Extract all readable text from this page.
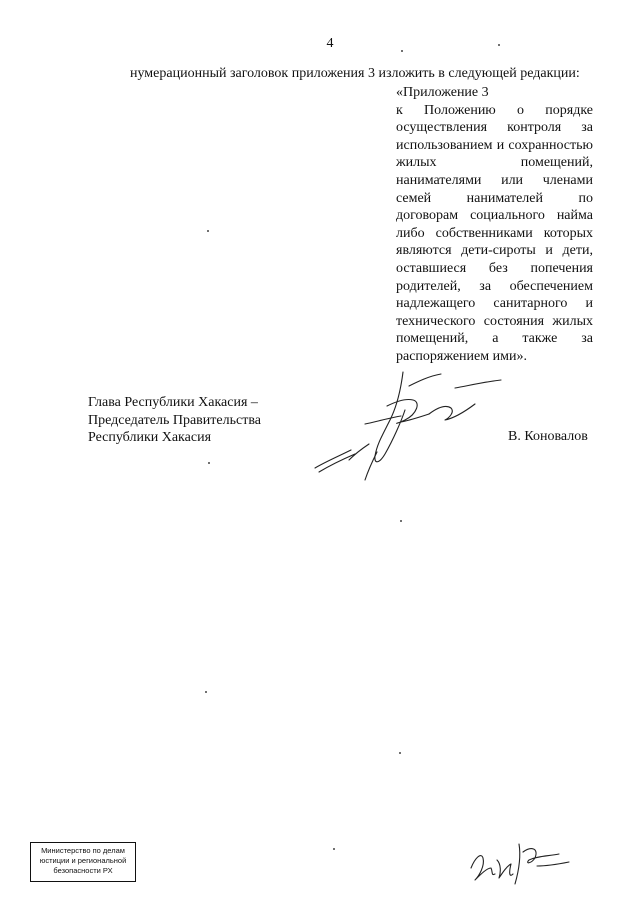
4
нумерационный заголовок приложения 3 изложить в следующей редакции:

«Приложение 3

к Положению о порядке осуществления контроля за использованием и сохранностью жилых помещений, нанимателями или членами семей нанимателей по договорам социального найма либо собственниками которых являются дети-сироты и дети, оставшиеся без попечения родителей, за обеспечением надлежащего санитарного и технического состояния жилых помещений, а также за распоряжением ими».

Глава Республики Хакасия –
Председатель Правительства
Республики Хакасия	В. Коновалов
Министерство по делам
юстиции и региональной
безопасности РХ
